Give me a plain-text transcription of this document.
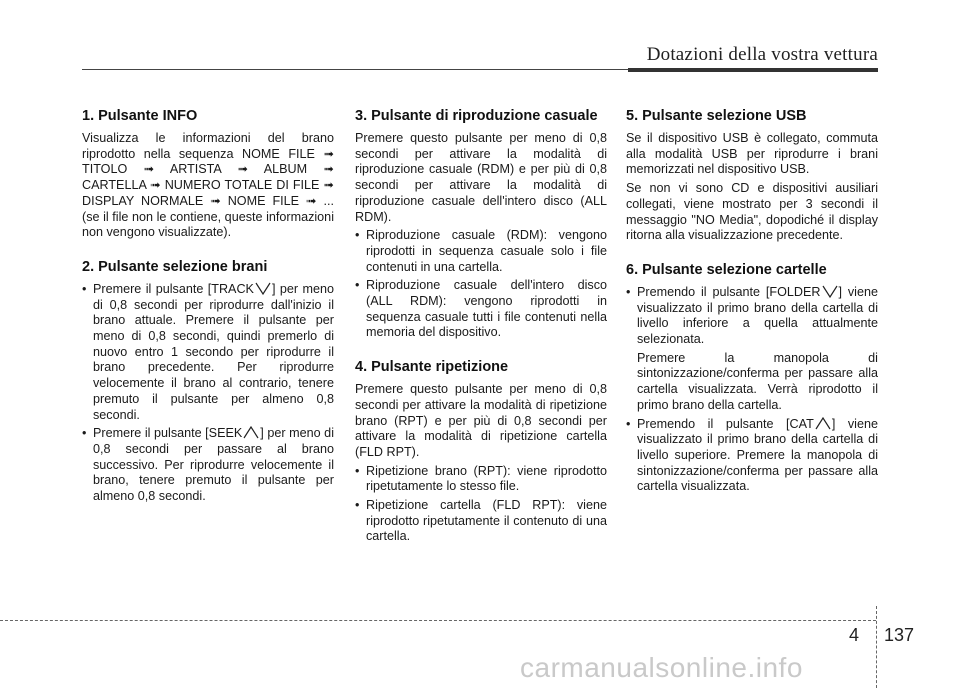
Dotazioni della vostra vettura
1. Pulsante INFO

Visualizza le informazioni del brano riprodotto nella sequenza NOME FILE ➟ TITOLO ➟ ARTISTA ➟ ALBUM ➟ CARTELLA ➟ NUMERO TOTALE DI FILE ➟ DISPLAY NORMALE ➟ NOME FILE ➟ ... (se il file non le contiene, queste informazioni non vengono visualizzate).

2. Pulsante selezione brani
• Premere il pulsante [TRACK ] per meno di 0,8 secondi per riprodurre dall'inizio il brano attuale. Premere il pulsante per meno di 0,8 secondi, quindi premerlo di nuovo entro 1 secondo per riprodurre il brano precedente. Per riprodurre velocemente il brano al contrario, tenere premuto il pulsante per almeno 0,8 secondi.
• Premere il pulsante [SEEK ] per meno di 0,8 secondi per passare al brano successivo. Per riprodurre velocemente il brano, tenere premuto il pulsante per almeno 0,8 secondi.
3. Pulsante di riproduzione casuale

Premere questo pulsante per meno di 0,8 secondi per attivare la modalità di riproduzione casuale (RDM) e per più di 0,8 secondi per attivare la modalità di riproduzione casuale dell'intero disco (ALL RDM).

• Riproduzione casuale (RDM): vengono riprodotti in sequenza casuale solo i file contenuti in una cartella.
• Riproduzione casuale dell'intero disco (ALL RDM): vengono riprodotti in sequenza casuale tutti i file contenuti nella memoria del dispositivo.
4. Pulsante ripetizione

Premere questo pulsante per meno di 0,8 secondi per attivare la modalità di ripetizione brano (RPT) e per più di 0,8 secondi per attivare la modalità di ripetizione cartella (FLD RPT).

• Ripetizione brano (RPT): viene riprodotto ripetutamente lo stesso file.
• Ripetizione cartella (FLD RPT): viene riprodotto ripetutamente il contenuto di una cartella.
5. Pulsante selezione USB

Se il dispositivo USB è collegato, commuta alla modalità USB per riprodurre i brani memorizzati nel dispositivo USB.

Se non vi sono CD e dispositivi ausiliari collegati, viene mostrato per 3 secondi il messaggio "NO Media", dopodiché il display ritorna alla visualizzazione precedente.

6. Pulsante selezione cartelle
• Premendo il pulsante [FOLDER ] viene visualizzato il primo brano della cartella di livello inferiore a quella attualmente selezionata.

Premere la manopola di sintonizzazione/conferma per passare alla cartella visualizzata. Verrà riprodotto il primo brano della cartella.

• Premendo il pulsante [CAT ] viene visualizzato il primo brano della cartella di livello superiore. Premere la manopola di sintonizzazione/conferma per passare alla cartella visualizzata.
4 137
carmanualsonline.info
